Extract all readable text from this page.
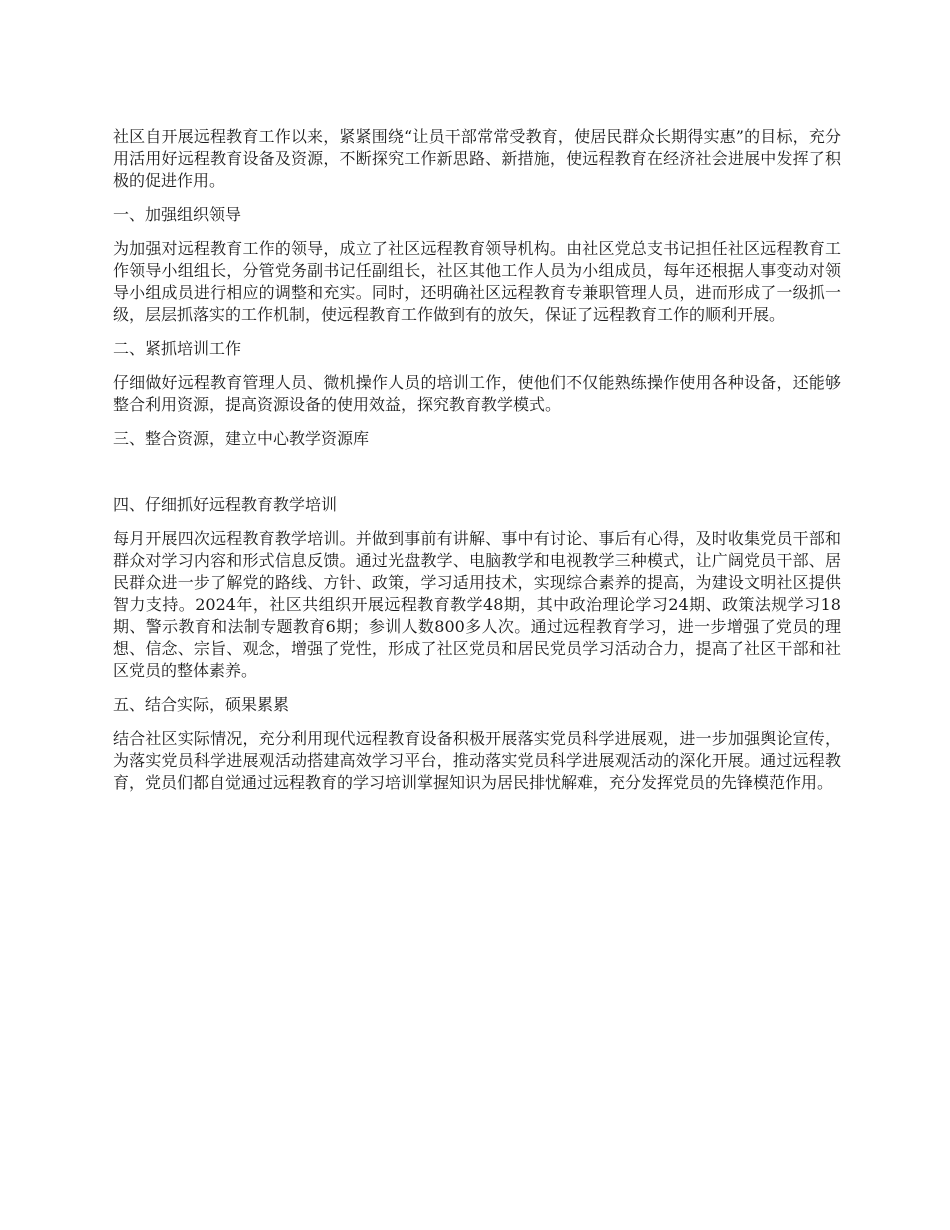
社区自开展远程教育工作以来，紧紧围绕“让员干部常常受教育，使居民群众长期得实惠”的目标，充分用活用好远程教育设备及资源，不断探究工作新思路、新措施，使远程教育在经济社会进展中发挥了积极的促进作用。

一、加强组织领导

为加强对远程教育工作的领导，成立了社区远程教育领导机构。由社区党总支书记担任社区远程教育工作领导小组组长，分管党务副书记任副组长，社区其他工作人员为小组成员，每年还根据人事变动对领导小组成员进行相应的调整和充实。同时，还明确社区远程教育专兼职管理人员，进而形成了一级抓一级，层层抓落实的工作机制，使远程教育工作做到有的放矢，保证了远程教育工作的顺利开展。

二、紧抓培训工作

仔细做好远程教育管理人员、微机操作人员的培训工作，使他们不仅能熟练操作使用各种设备，还能够整合利用资源，提高资源设备的使用效益，探究教育教学模式。

三、整合资源，建立中心教学资源库

四、仔细抓好远程教育教学培训

每月开展四次远程教育教学培训。并做到事前有讲解、事中有讨论、事后有心得，及时收集党员干部和群众对学习内容和形式信息反馈。通过光盘教学、电脑教学和电视教学三种模式，让广阔党员干部、居民群众进一步了解党的路线、方针、政策，学习适用技术，实现综合素养的提高，为建设文明社区提供智力支持。2024年，社区共组织开展远程教育教学48期，其中政治理论学习24期、政策法规学习18期、警示教育和法制专题教育6期；参训人数800多人次。通过远程教育学习，进一步增强了党员的理想、信念、宗旨、观念，增强了党性，形成了社区党员和居民党员学习活动合力，提高了社区干部和社区党员的整体素养。

五、结合实际，硕果累累

结合社区实际情况，充分利用现代远程教育设备积极开展落实党员科学进展观，进一步加强舆论宣传，为落实党员科学进展观活动搭建高效学习平台，推动落实党员科学进展观活动的深化开展。通过远程教育，党员们都自觉通过远程教育的学习培训掌握知识为居民排忧解难，充分发挥党员的先锋模范作用。
